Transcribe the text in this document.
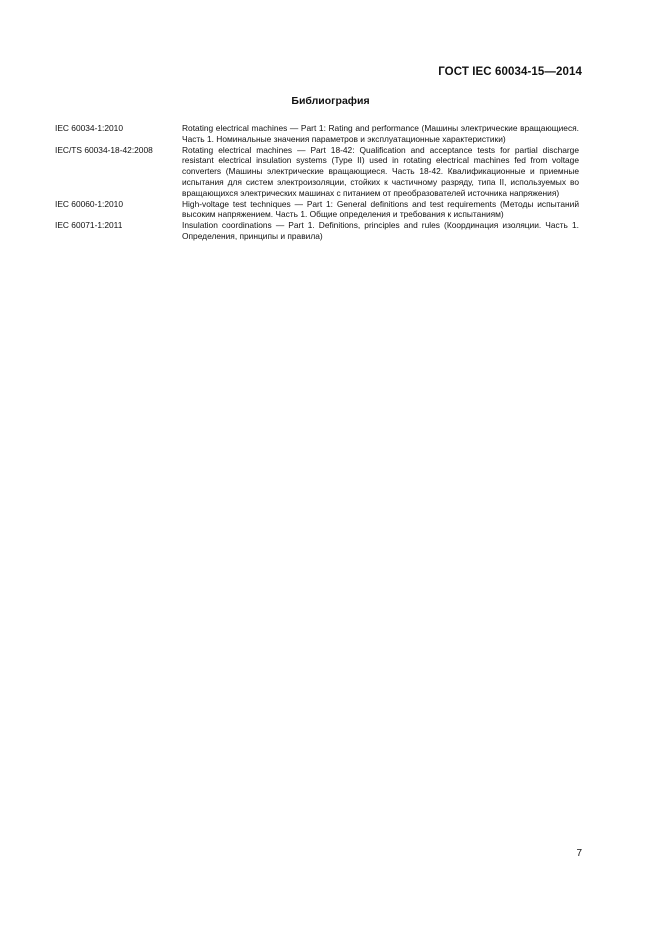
ГОСТ IEC 60034-15—2014
Библиография
IEC 60034-1:2010	Rotating electrical machines — Part 1: Rating and performance (Машины электрические вращающиеся. Часть 1. Номинальные значения параметров и эксплуатационные характеристики)
IEC/TS 60034-18-42:2008	Rotating electrical machines — Part 18-42: Qualification and acceptance tests for partial discharge resistant electrical insulation systems (Type II) used in rotating electrical machines fed from voltage converters (Машины электрические вращающиеся. Часть 18-42. Квалификационные и приемные испытания для систем электроизоляции, стойких к частичному разряду, типа II, используемых во вращающихся электрических машинах с питанием от преобразователей источника напряжения)
IEC 60060-1:2010	High-voltage test techniques — Part 1: General definitions and test requirements (Методы испытаний высоким напряжением. Часть 1. Общие определения и требования к испытаниям)
IEC 60071-1:2011	Insulation coordinations — Part 1. Definitions, principles and rules (Координация изоляции. Часть 1. Определения, принципы и правила)
7
